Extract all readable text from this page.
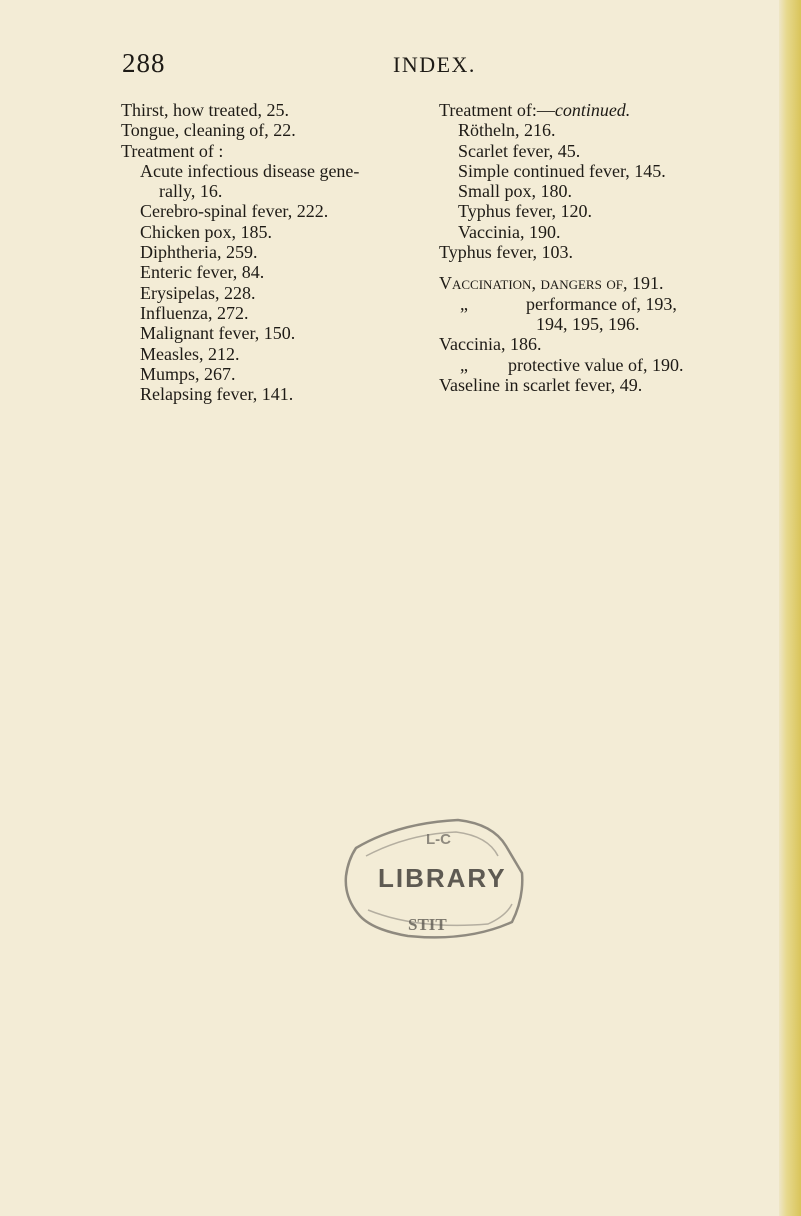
288	INDEX.
Thirst, how treated, 25.
Tongue, cleaning of, 22.
Treatment of :
Acute infectious disease gene-
rally, 16.
Cerebro-spinal fever, 222.
Chicken pox, 185.
Diphtheria, 259.
Enteric fever, 84.
Erysipelas, 228.
Influenza, 272.
Malignant fever, 150.
Measles, 212.
Mumps, 267.
Relapsing fever, 141.
Treatment of:—continued.
Rötheln, 216.
Scarlet fever, 45.
Simple continued fever, 145.
Small pox, 180.
Typhus fever, 120.
Vaccinia, 190.
Typhus fever, 103.
Vaccination, dangers of, 191.
„	performance of, 193,
194, 195, 196.
Vaccinia, 186.
„ protective value of, 190.
Vaseline in scarlet fever, 49.
L-C
STIT
LIBRARY
